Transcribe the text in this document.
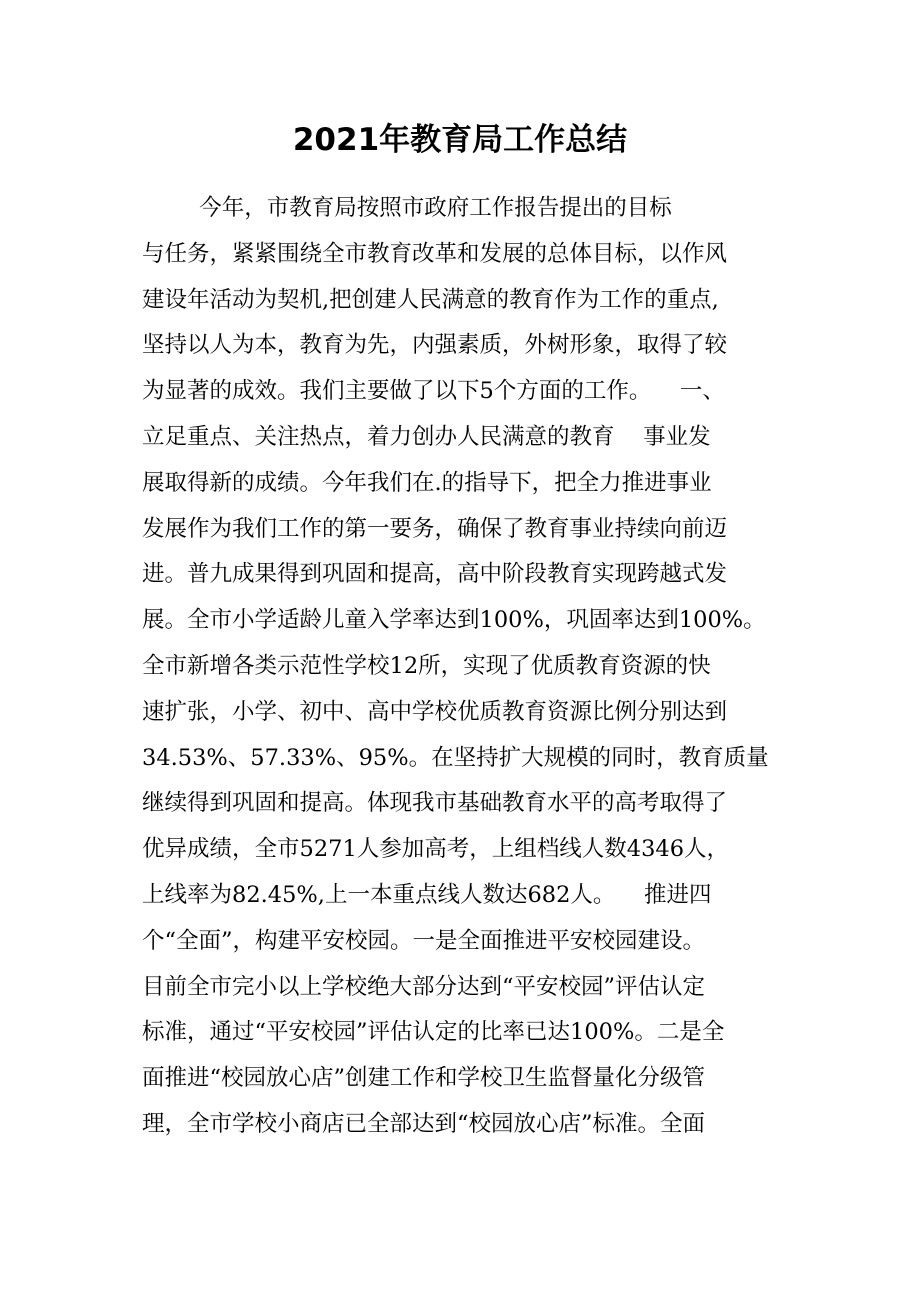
2021年教育局工作总结

今年，市教育局按照市政府工作报告提出的目标

与任务，紧紧围绕全市教育改革和发展的总体目标，以作风

建设年活动为契机,把创建人民满意的教育作为工作的重点,

坚持以人为本，教育为先，内强素质，外树形象，取得了较

为显著的成效。我们主要做了以下5个方面的工作。    一、

立足重点、关注热点，着力创办人民满意的教育    事业发

展取得新的成绩。今年我们在.的指导下，把全力推进事业

发展作为我们工作的第一要务，确保了教育事业持续向前迈

进。普九成果得到巩固和提高，高中阶段教育实现跨越式发

展。全市小学适龄儿童入学率达到100%，巩固率达到100%。

全市新增各类示范性学校12所，实现了优质教育资源的快

速扩张，小学、初中、高中学校优质教育资源比例分别达到

34.53%、57.33%、95%。在坚持扩大规模的同时，教育质量

继续得到巩固和提高。体现我市基础教育水平的高考取得了

优异成绩，全市5271人参加高考，上组档线人数4346人，

上线率为82.45%,上一本重点线人数达682人。    推进四

个“全面”，构建平安校园。一是全面推进平安校园建设。

目前全市完小以上学校绝大部分达到“平安校园”评估认定

标准，通过“平安校园”评估认定的比率已达100%。二是全

面推进“校园放心店”创建工作和学校卫生监督量化分级管

理，全市学校小商店已全部达到“校园放心店”标准。全面
